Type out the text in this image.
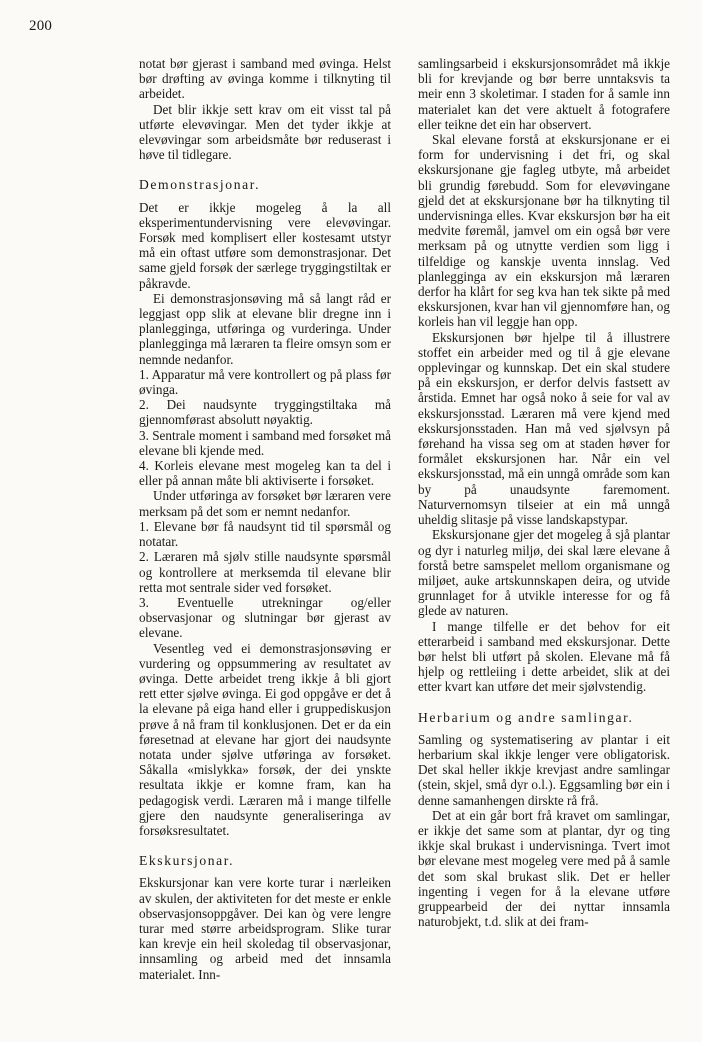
200

notat bør gjerast i samband med øvinga. Helst bør drøfting av øvinga komme i tilknyting til arbeidet.

Det blir ikkje sett krav om eit visst tal på utførte elevøvingar. Men det tyder ikkje at elevøvingar som arbeidsmåte bør reduserast i høve til tidlegare.

Demonstrasjonar.

Det er ikkje mogeleg å la all eksperimentundervisning vere elevøvingar. Forsøk med komplisert eller kostesamt utstyr må ein oftast utføre som demonstrasjonar. Det same gjeld forsøk der særlege tryggingstiltak er påkravde.

Ei demonstrasjonsøving må så langt råd er leggjast opp slik at elevane blir dregne inn i planlegginga, utføringa og vurderinga. Under planlegginga må læraren ta fleire omsyn som er nemnde nedanfor.

1. Apparatur må vere kontrollert og på plass før øvinga.

2. Dei naudsynte tryggingstiltaka må gjennomførast absolutt nøyaktig.

3. Sentrale moment i samband med forsøket må elevane bli kjende med.

4. Korleis elevane mest mogeleg kan ta del i eller på annan måte bli aktiviserte i forsøket.

Under utføringa av forsøket bør læraren vere merksam på det som er nemnt nedanfor.

1. Elevane bør få naudsynt tid til spørsmål og notatar.

2. Læraren må sjølv stille naudsynte spørsmål og kontrollere at merksemda til elevane blir retta mot sentrale sider ved forsøket.

3. Eventuelle utrekningar og/eller observasjonar og slutningar bør gjerast av elevane.

Vesentleg ved ei demonstrasjonsøving er vurdering og oppsummering av resultatet av øvinga. Dette arbeidet treng ikkje å bli gjort rett etter sjølve øvinga. Ei god oppgåve er det å la elevane på eiga hand eller i gruppediskusjon prøve å nå fram til konklusjonen. Det er da ein føresetnad at elevane har gjort dei naudsynte notata under sjølve utføringa av forsøket. Såkalla «mislykka» forsøk, der dei ynskte resultata ikkje er komne fram, kan ha pedagogisk verdi. Læraren må i mange tilfelle gjere den naudsynte generaliseringa av forsøksresultatet.

Ekskursjonar.

Ekskursjonar kan vere korte turar i nærleiken av skulen, der aktiviteten for det meste er enkle observasjonsoppgåver. Dei kan òg vere lengre turar med større arbeidsprogram. Slike turar kan krevje ein heil skoledag til observasjonar, innsamling og arbeid med det innsamla materialet. Inn-

samlingsarbeid i ekskursjonsområdet må ikkje bli for krevjande og bør berre unntaksvis ta meir enn 3 skoletimar. I staden for å samle inn materialet kan det vere aktuelt å fotografere eller teikne det ein har observert.

Skal elevane forstå at ekskursjonane er ei form for undervisning i det fri, og skal ekskursjonane gje fagleg utbyte, må arbeidet bli grundig førebudd. Som for elevøvingane gjeld det at ekskursjonane bør ha tilknyting til undervisninga elles. Kvar ekskursjon bør ha eit medvite føremål, jamvel om ein også bør vere merksam på og utnytte verdien som ligg i tilfeldige og kanskje uventa innslag. Ved planlegginga av ein ekskursjon må læraren derfor ha klårt for seg kva han tek sikte på med ekskursjonen, kvar han vil gjennomføre han, og korleis han vil leggje han opp.

Ekskursjonen bør hjelpe til å illustrere stoffet ein arbeider med og til å gje elevane opplevingar og kunnskap. Det ein skal studere på ein ekskursjon, er derfor delvis fastsett av årstida. Emnet har også noko å seie for val av ekskursjonsstad. Læraren må vere kjend med ekskursjonsstaden. Han må ved sjølvsyn på førehand ha vissa seg om at staden høver for formålet ekskursjonen har. Når ein vel ekskursjonsstad, må ein unngå område som kan by på unaudsynte faremoment. Naturvernomsyn tilseier at ein må unngå uheldig slitasje på visse landskapstypar.

Ekskursjonane gjer det mogeleg å sjå plantar og dyr i naturleg miljø, dei skal lære elevane å forstå betre samspelet mellom organismane og miljøet, auke artskunnskapen deira, og utvide grunnlaget for å utvikle interesse for og få glede av naturen.

I mange tilfelle er det behov for eit etterarbeid i samband med ekskursjonar. Dette bør helst bli utført på skolen. Elevane må få hjelp og rettleiing i dette arbeidet, slik at dei etter kvart kan utføre det meir sjølvstendig.

Herbarium og andre samlingar.

Samling og systematisering av plantar i eit herbarium skal ikkje lenger vere obligatorisk. Det skal heller ikkje krevjast andre samlingar (stein, skjel, små dyr o.l.). Eggsamling bør ein i denne samanhengen dirskte rå frå.

Det at ein går bort frå kravet om samlingar, er ikkje det same som at plantar, dyr og ting ikkje skal brukast i undervisninga. Tvert imot bør elevane mest mogeleg vere med på å samle det som skal brukast slik. Det er heller ingenting i vegen for å la elevane utføre gruppearbeid der dei nyttar innsamla naturobjekt, t.d. slik at dei fram-
